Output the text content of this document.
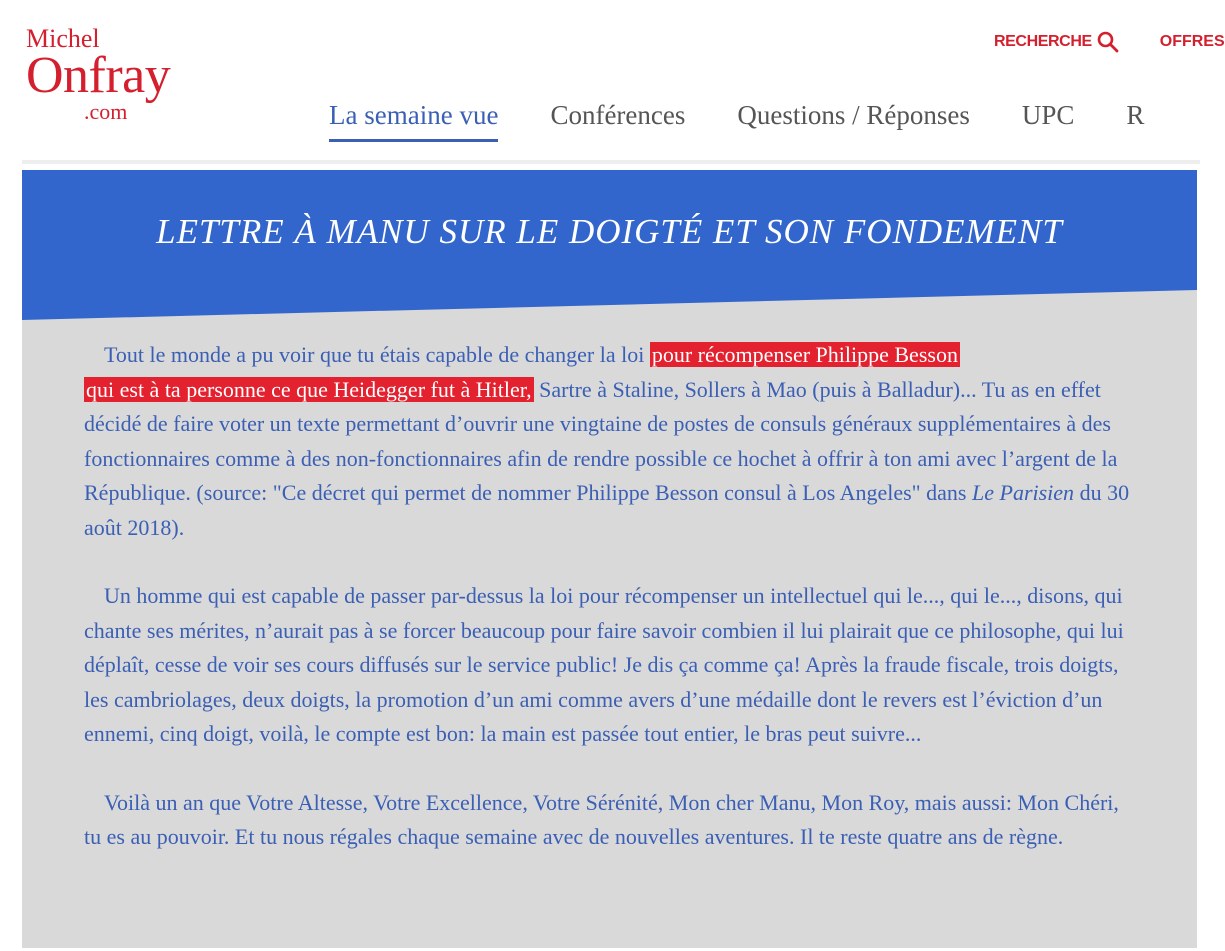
Michel
Onfray
.com
RECHERCHE	OFFRES
La semaine vue Conférences Questions / Réponses UPC R
LETTRE À MANU SUR LE DOIGTÉ ET SON FONDEMENT

Tout le monde a pu voir que tu étais capable de changer la loi pour récompenser Philippe Besson
qui est à ta personne ce que Heidegger fut à Hitler, Sartre à Staline, Sollers à Mao (puis à Balladur)... Tu as en effet décidé de faire voter un texte permettant d’ouvrir une vingtaine de postes de consuls généraux supplémentaires à des fonctionnaires comme à des non-fonctionnaires afin de rendre possible ce hochet à offrir à ton ami avec l’argent de la République. (source: "Ce décret qui permet de nommer Philippe Besson consul à Los Angeles" dans Le Parisien du 30 août 2018).

Un homme qui est capable de passer par-dessus la loi pour récompenser un intellectuel qui le..., qui le..., disons, qui chante ses mérites, n’aurait pas à se forcer beaucoup pour faire savoir combien il lui plairait que ce philosophe, qui lui déplaît, cesse de voir ses cours diffusés sur le service public! Je dis ça comme ça! Après la fraude fiscale, trois doigts, les cambriolages, deux doigts, la promotion d’un ami comme avers d’une médaille dont le revers est l’éviction d’un ennemi, cinq doigt, voilà, le compte est bon: la main est passée tout entier, le bras peut suivre...

Voilà un an que Votre Altesse, Votre Excellence, Votre Sérénité, Mon cher Manu, Mon Roy, mais aussi: Mon Chéri, tu es au pouvoir. Et tu nous régales chaque semaine avec de nouvelles aventures. Il te reste quatre ans de règne.
